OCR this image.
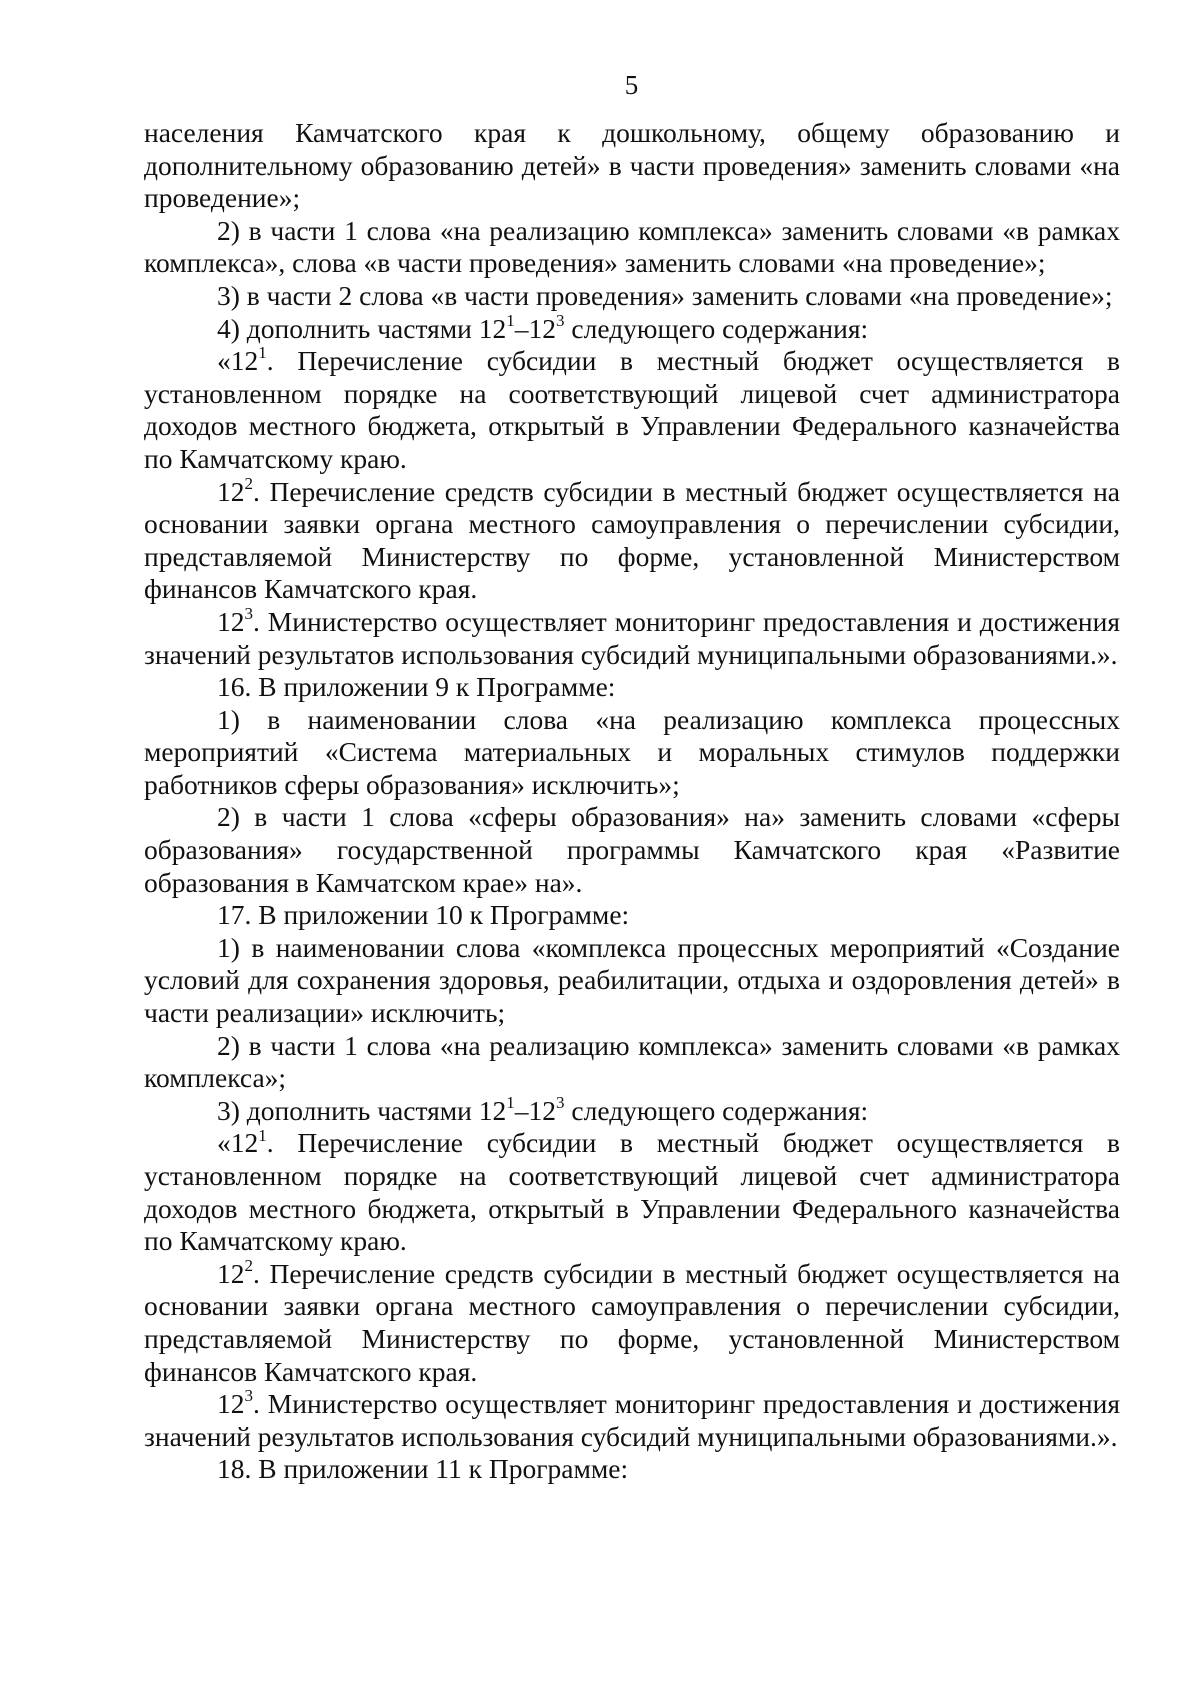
5

населения Камчатского края к дошкольному, общему образованию и дополнительному образованию детей» в части проведения» заменить словами «на проведение»;

2) в части 1 слова «на реализацию комплекса» заменить словами «в рамках комплекса», слова «в части проведения» заменить словами «на проведение»;

3) в части 2 слова «в части проведения» заменить словами «на проведение»;

4) дополнить частями $12^1-12^3$ следующего содержания:

«$12^1$. Перечисление субсидии в местный бюджет осуществляется в установленном порядке на соответствующий лицевой счет администратора доходов местного бюджета, открытый в Управлении Федерального казначейства по Камчатскому краю.

$12^2$. Перечисление средств субсидии в местный бюджет осуществляется на основании заявки органа местного самоуправления о перечислении субсидии, представляемой Министерству по форме, установленной Министерством финансов Камчатского края.

$12^3$. Министерство осуществляет мониторинг предоставления и достижения значений результатов использования субсидий муниципальными образованиями.».

16. В приложении 9 к Программе:

1) в наименовании слова «на реализацию комплекса процессных мероприятий «Система материальных и моральных стимулов поддержки работников сферы образования» исключить»;

2) в части 1 слова «сферы образования» на» заменить словами «сферы образования» государственной программы Камчатского края «Развитие образования в Камчатском крае» на».

17. В приложении 10 к Программе:

1) в наименовании слова «комплекса процессных мероприятий «Создание условий для сохранения здоровья, реабилитации, отдыха и оздоровления детей» в части реализации» исключить;

2) в части 1 слова «на реализацию комплекса» заменить словами «в рамках комплекса»;

3) дополнить частями $12^1-12^3$ следующего содержания:

«$12^1$. Перечисление субсидии в местный бюджет осуществляется в установленном порядке на соответствующий лицевой счет администратора доходов местного бюджета, открытый в Управлении Федерального казначейства по Камчатскому краю.

$12^2$. Перечисление средств субсидии в местный бюджет осуществляется на основании заявки органа местного самоуправления о перечислении субсидии, представляемой Министерству по форме, установленной Министерством финансов Камчатского края.

$12^3$. Министерство осуществляет мониторинг предоставления и достижения значений результатов использования субсидий муниципальными образованиями.».

18. В приложении 11 к Программе:
